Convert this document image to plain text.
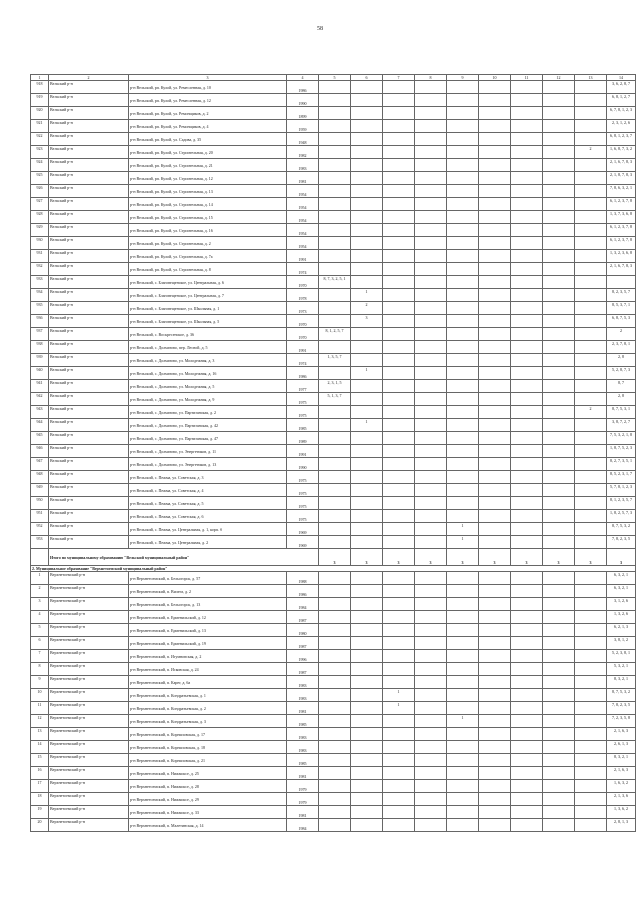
58
1	2	3	4	5	6	7	8	9	10	11	12	13	14
918	Вельский р-н	р-н Вельский, рп. Кулой, ул. Ремесленная, д. 10	1986										3, 6, 2, 8, 7
919	Вельский р-н	р-н Вельский, рп. Кулой, ул. Ремесленная, д. 12	1990										6, 8, 1, 2, 7
920	Вельский р-н	р-н Вельский, рп. Кулой, ул. Ремонщиков, д. 2	1899										6, 7, 8, 1, 2, 3
921	Вельский р-н	р-н Вельский, рп. Кулой, ул. Ремонщиков, д. 4	1959										2, 3, 1, 2, 6
922	Вельский р-н	р-н Вельский, рп. Кулой, ул. Садова, д. 35	1948										6, 8, 1, 2, 3, 7
923	Вельский р-н	р-н Вельский, рп. Кулой, ул. Строительная, д. 20	1982									2	1, 6, 8, 7, 3, 2
924	Вельский р-н	р-н Вельский, рп. Кулой, ул. Строительная, д. 21	1983										2, 1, 6, 7, 8, 3
925	Вельский р-н	р-н Вельский, рп. Кулой, ул. Строительная, д. 12	1981										2, 1, 8, 7, 8, 3
926	Вельский р-н	р-н Вельский, рп. Кулой, ул. Строительная, д. 13	1954										7, 8, 6, 3, 2, 1
927	Вельский р-н	р-н Вельский, рп. Кулой, ул. Строительная, д. 14	1954										6, 1, 2, 3, 7, 8
928	Вельский р-н	р-н Вельский, рп. Кулой, ул. Строительная, д. 15	1954										1, 3, 7, 3, 6, 8
929	Вельский р-н	р-н Вельский, рп. Кулой, ул. Строительная, д. 16	1954										6, 1, 2, 3, 7, 8
930	Вельский р-н	р-н Вельский, рп. Кулой, ул. Строительная, д. 2	1954										6, 1, 2, 3, 7, 8
931	Вельский р-н	р-н Вельский, рп. Кулой, ул. Строительная, д. 7а	1991										1, 3, 2, 3, 6, 8
932	Вельский р-н	р-н Вельский, рп. Кулой, ул. Строительная, д. 8	1974										2, 1, 6, 7, 8, 3
933	Вельский р-н	р-н Вельский, с. Благовещенское, ул. Центральная, д. 6	1970	8, 7, 3, 2, 5, 1									
934	Вельский р-н	р-н Вельский, с. Благовещенское, ул. Центральная, д. 7	1978		1								8, 2, 3, 5, 7
935	Вельский р-н	р-н Вельский, с. Благовещенское, ул. Школьная, д. 1	1973		2								8, 5, 3, 7, 1
936	Вельский р-н	р-н Вельский, с. Благовещенское, ул. Школьная, д. 5	1970		3								6, 8, 7, 5, 3
937	Вельский р-н	р-н Вельский, с. Воскресенское, д. 36	1970	8, 1, 2, 5, 7									2
938	Вельский р-н	р-н Вельский, с. Долматово, пер. Лесной, д. 5	1991										2, 3, 7, 8, 1
939	Вельский р-н	р-н Вельский, с. Долматово, ул. Молодежная, д. 3	1974	1, 3, 5, 7									2, 8
940	Вельский р-н	р-н Вельский, с. Долматово, ул. Молодежная, д. 16	1986		1								5, 2, 8, 7, 3
941	Вельский р-н	р-н Вельский, с. Долматово, ул. Молодежная, д. 5	1977	2, 3, 1, 5									8, 7
942	Вельский р-н	р-н Вельский, с. Долматово, ул. Молодежная, д. 9	1975	5, 1, 3, 7									2, 8
943	Вельский р-н	р-н Вельский, с. Долматово, ул. Партизанская, д. 2	1975									2	8, 7, 5, 3, 1
944	Вельский р-н	р-н Вельский, с. Долматово, ул. Партизанская, д. 42	1985		1								3, 8, 7, 2, 7
945	Вельский р-н	р-н Вельский, с. Долматово, ул. Партизанская, д. 47	1989										7, 5, 3, 2, 1, 8
946	Вельский р-н	р-н Вельский, с. Долматово, ул. Энергетиков, д. 11	1991										1, 8, 7, 5, 2, 3
947	Вельский р-н	р-н Вельский, с. Долматово, ул. Энергетиков, д. 13	1990										8, 2, 7, 3, 5, 1
948	Вельский р-н	р-н Вельский, с. Пежма, ул. Советская, д. 3	1975										8, 5, 2, 3, 1, 7
949	Вельский р-н	р-н Вельский, с. Пежма, ул. Советская, д. 4	1975										5, 7, 8, 1, 2, 3
950	Вельский р-н	р-н Вельский, с. Пежма, ул. Советская, д. 5	1975										8, 1, 2, 3, 5, 7
951	Вельский р-н	р-н Вельский, с. Пежма, ул. Советская, д. 6	1975										1, 8, 2, 5, 7, 3
952	Вельский р-н	р-н Вельский, с. Пежма, ул. Центральная, д. 1, корп. б	1969					1					8, 7, 5, 3, 2
953	Вельский р-н	р-н Вельский, с. Пежма, ул. Центральная, д. 2	1969					1					7, 8, 2, 3, 5
	Итого по муниципальному образованию "Вельский муниципальный район"			3	3	3	3	3	3	3	3	3	3
2. Муниципальное образование "Верхнетоемский муниципальный район"													
1	Верхнетоемский р-н	р-н Верхнетоемский, п. Бельогорск, д. 57	1988										6, 3, 2, 1
2	Верхнетоемский р-н	р-н Верхнетоемский, п. Вилега, д. 2	1986										6, 3, 2, 1
3	Верхнетоемский р-н	р-н Верхнетоемский, п. Бельогорск, д. 13	1984										3, 1, 2, 6
4	Верхнетоемский р-н	р-н Верхнетоемский, п. Ерменильский, д. 12	1987										1, 3, 2, 6
5	Верхнетоемский р-н	р-н Верхнетоемский, п. Ерменильский, д. 13	1980										6, 2, 1, 3
6	Верхнетоемский р-н	р-н Верхнетоемский, п. Ерменильский, д. 19	1987										3, 8, 1, 2
7	Верхнетоемский р-н	р-н Верхнетоемский, п. Игумновская, д. 2	1996										5, 2, 3, 8, 1
8	Верхнетоемский р-н	р-н Верхнетоемский, п. Исковская, д. 24	1987										5, 3, 2, 1
9	Верхнетоемский р-н	р-н Верхнетоемский, п. Карег, д. 6а	1983										8, 3, 2, 1
10	Верхнетоемский р-н	р-н Верхнетоемский, п. Кондратьевская, д. 1	1983			1							8, 7, 5, 3, 2
11	Верхнетоемский р-н	р-н Верхнетоемский, п. Кондратьевская, д. 2	1981			1							7, 8, 2, 3, 5
12	Верхнетоемский р-н	р-н Верхнетоемский, п. Кондратьевская, д. 3	1985					1					7, 2, 3, 5, 8
13	Верхнетоемский р-н	р-н Верхнетоемский, п. Корниловская, д. 17	1983										2, 1, 6, 3
14	Верхнетоемский р-н	р-н Верхнетоемский, п. Корниловская, д. 18	1983										2, 6, 1, 3
15	Верхнетоемский р-н	р-н Верхнетоемский, п. Корниловская, д. 21	1985										8, 3, 2, 1
16	Верхнетоемский р-н	р-н Верхнетоемский, п. Нижмоксе, д. 25	1981										2, 1, 6, 3
17	Верхнетоемский р-н	р-н Верхнетоемский, п. Нижмоксе, д. 28	1979										1, 6, 3, 2
18	Верхнетоемский р-н	р-н Верхнетоемский, п. Нижмоксе, д. 29	1979										2, 1, 3, 6
19	Верхнетоемский р-н	р-н Верхнетоемский, п. Нижмоксе, д. 33	1981										1, 3, 6, 2
20	Верхнетоемский р-н	р-н Верхнетоемский, п. Малетинская, д. 14	1984										2, 8, 1, 3
